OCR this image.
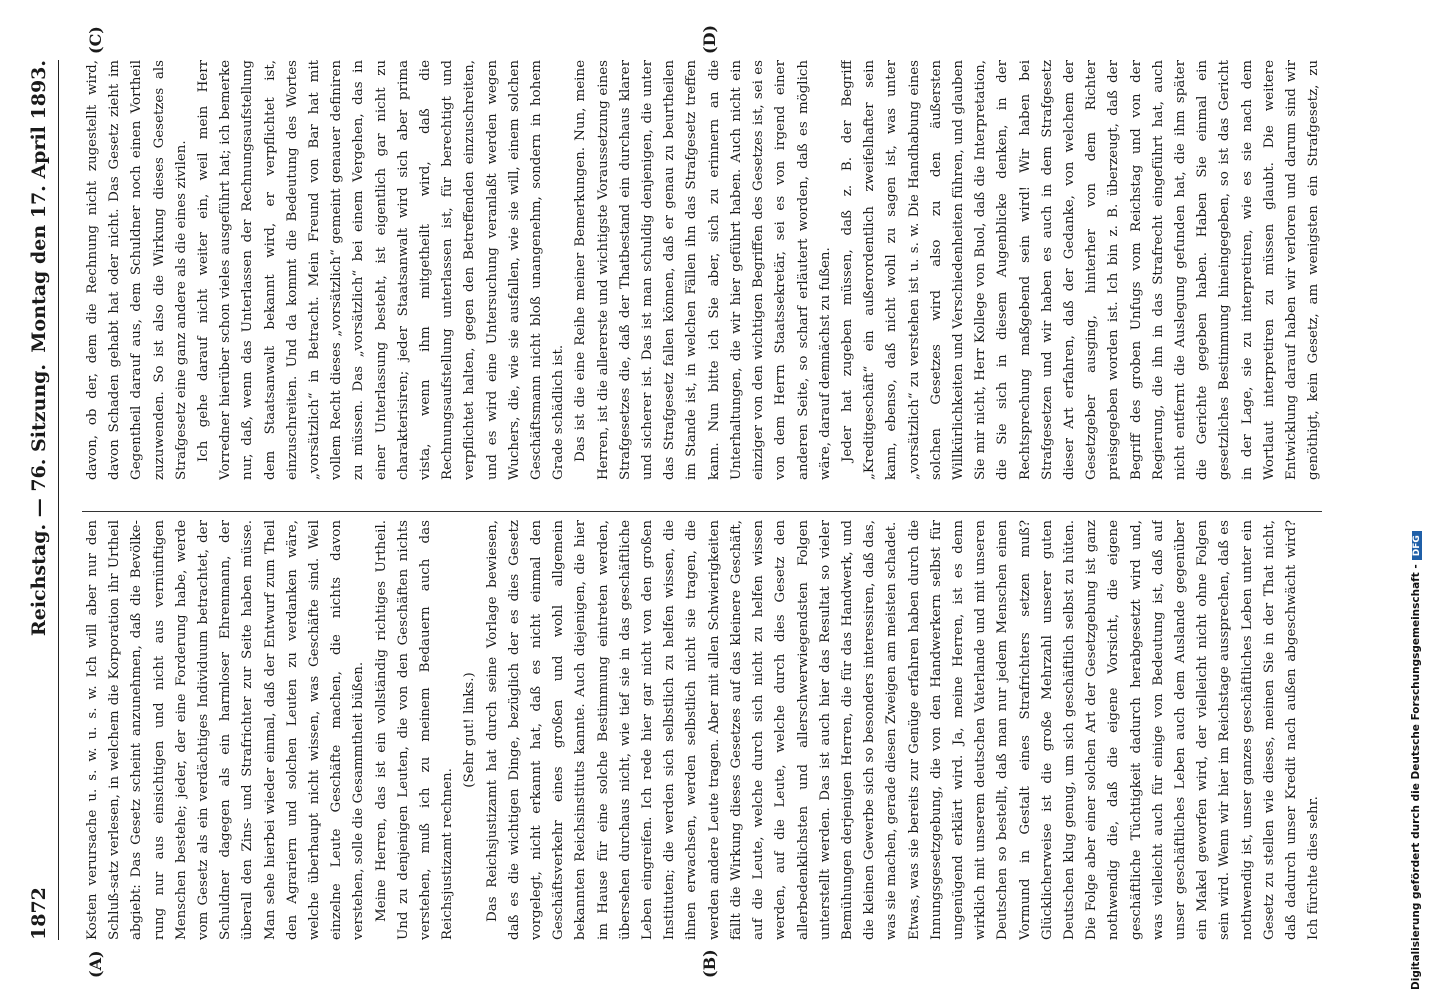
1872
Reichstag. — 76. Sitzung.
Montag den 17. April 1893.
(A)	(B)
(C)	(D)

Kosten verursache u. s. w. u. s. w. Ich will aber nur den Schluß-satz verlesen, in welchem die Korporation ihr Urtheil abgiebt: Das Gesetz scheint anzunehmen, daß die Bevölke-rung nur aus einsichtigen und nicht aus vernünftigen Menschen bestehe; jeder, der eine Forderung habe, werde vom Gesetz als ein verdächtiges Individuum betrachtet, der Schuldner dagegen als ein harmloser Ehrenmann, der überall den Zins- und Strafrichter zur Seite haben müsse. Man sehe hierbei wieder einmal, daß der Entwurf zum Theil den Agrariern und solchen Leuten zu verdanken wäre, welche überhaupt nicht wissen, was Geschäfte sind. Weil einzelne Leute Geschäfte machen, die nichts davon verstehen, solle die Gesammtheit büßen. Meine Herren, das ist ein vollständig richtiges Urtheil. Und zu denjenigen Leuten, die von den Geschäften nichts verstehen, muß ich zu meinem Bedauern auch das Reichsjustizamt rechnen.

(Sehr gut! links.) Das Reichsjustizamt hat durch seine Vorlage bewiesen, daß es die wichtigen Dinge, bezüglich der es dies Gesetz vorgelegt, nicht erkannt hat, daß es nicht einmal den Geschäftsverkehr eines großen und wohl allgemein bekannten Reichsinstituts kannte. Auch diejenigen, die hier im Hause für eine solche Bestimmung eintreten werden, übersehen durchaus nicht, wie tief sie in das geschäftliche Leben eingreifen. Ich rede hier gar nicht von den großen Instituten; die werden sich selbstlich zu helfen wissen, die ihnen erwachsen, werden selbstlich nicht sie tragen, die werden andere Leute tragen. Aber mit allen Schwierigkeiten fällt die Wirkung dieses Gesetzes auf das kleinere Geschäft, auf die Leute, welche durch sich nicht zu helfen wissen werden, auf die Leute, welche durch dies Gesetz den allerbedenklichsten und allerschwerwiegendsten Folgen unterstellt werden. Das ist auch hier das Resultat so vieler Bemühungen derjenigen Herren, die für das Handwerk, und die kleinen Gewerbe sich so besonders interessiren, daß das, was sie machen, gerade diesen Zweigen am meisten schadet. Etwas, was sie bereits zur Genüge erfahren haben durch die Innungsgesetzgebung, die von den Handwerkern selbst für ungenügend erklärt wird. Ja, meine Herren, ist es denn wirklich mit unserem deutschen Vaterlande und mit unseren Deutschen so bestellt, daß man nur jedem Menschen einen Vormund in Gestalt eines Strafrichters setzen muß? Glücklicherweise ist die große Mehrzahl unserer guten Deutschen klug genug, um sich geschäftlich selbst zu hüten. Die Folge aber einer solchen Art der Gesetzgebung ist ganz nothwendig die, daß die eigene Vorsicht, die eigene geschäftliche Tüchtigkeit dadurch herabgesetzt wird und, was vielleicht auch für einige von Bedeutung ist, daß auf unser geschäftliches Leben auch dem Auslande gegenüber ein Makel geworfen wird, der vielleicht nicht ohne Folgen sein wird. Wenn wir hier im Reichstage aussprechen, daß es nothwendig ist, unser ganzes geschäftliches Leben unter ein Gesetz zu stellen wie dieses, meinen Sie in der That nicht, daß dadurch unser Kredit nach außen abgeschwächt wird? Ich fürchte dies sehr.

davon, ob der, dem die Rechnung nicht zugestellt wird, davon Schaden gehabt hat oder nicht. Das Gesetz zieht im Gegentheil darauf aus, dem Schuldner noch einen Vortheil zuzuwenden. So ist also die Wirkung dieses Gesetzes als Strafgesetz eine ganz andere als die eines zivilen. Ich gehe darauf nicht weiter ein, weil mein Herr Vorredner hierüber schon vieles ausgeführt hat; ich bemerke nur, daß, wenn das Unterlassen der Rechnungsaufstellung dem Staatsanwalt bekannt wird, er verpflichtet ist, einzuschreiten. Und da kommt die Bedeutung des Wortes „vorsätzlich“ in Betracht. Mein Freund von Bar hat mit vollem Recht dieses „vorsätzlich“ gemeint genauer definiren zu müssen. Das „vorsätzlich“ bei einem Vergehen, das in einer Unterlassung besteht, ist eigentlich gar nicht zu charakterisiren; jeder Staatsanwalt wird sich aber prima vista, wenn ihm mitgetheilt wird, daß die Rechnungsaufstellung unterlassen ist, für berechtigt und verpflichtet halten, gegen den Betreffenden einzuschreiten, und es wird eine Untersuchung veranlaßt werden wegen Wuchers, die, wie sie ausfallen, wie sie will, einem solchen Geschäftsmann nicht bloß unangenehm, sondern in hohem Grade schädlich ist. Das ist die eine Reihe meiner Bemerkungen. Nun, meine Herren, ist die allererste und wichtigste Voraussetzung eines Strafgesetzes die, daß der Thatbestand ein durchaus klarer und sicherer ist. Das ist man schuldig denjenigen, die unter das Strafgesetz fallen können, daß er genau zu beurtheilen im Stande ist, in welchen Fällen ihn das Strafgesetz treffen kann. Nun bitte ich Sie aber, sich zu erinnern an die Unterhaltungen, die wir hier geführt haben. Auch nicht ein einziger von den wichtigen Begriffen des Gesetzes ist, sei es von dem Herrn Staatssekretär, sei es von irgend einer anderen Seite, so scharf erläutert worden, daß es möglich wäre, darauf demnächst zu fußen. Jeder hat zugeben müssen, daß z. B. der Begriff „Kreditgeschäft“ ein außerordentlich zweifelhafter sein kann, ebenso, daß nicht wohl zu sagen ist, was unter „vorsätzlich“ zu verstehen ist u. s. w. Die Handhabung eines solchen Gesetzes wird also zu den äußersten Willkürlichkeiten und Verschiedenheiten führen, und glauben Sie mir nicht, Herr Kollege von Buol, daß die Interpretation, die Sie sich in diesem Augenblicke denken, in der Rechtsprechung maßgebend sein wird! Wir haben bei Strafgesetzen und wir haben es auch in dem Strafgesetz dieser Art erfahren, daß der Gedanke, von welchem der Gesetzgeber ausging, hinterher von dem Richter preisgegeben worden ist. Ich bin z. B. überzeugt, daß der Begriff des groben Unfugs vom Reichstag und von der Regierung, die ihn in das Strafrecht eingeführt hat, auch nicht entfernt die Auslegung gefunden hat, die ihm später die Gerichte gegeben haben. Haben Sie einmal ein gesetzliches Bestimmung hineingegeben, so ist das Gericht in der Lage, sie zu interpretiren, wie es sie nach dem Wortlaut interpretiren zu müssen glaubt. Die weitere Entwicklung darauf haben wir verloren und darum sind wir genöthigt, kein Gesetz, am wenigsten ein Strafgesetz, zu

Digitalisierung gefördert durch die Deutsche Forschungsgemeinschaft -DFG
